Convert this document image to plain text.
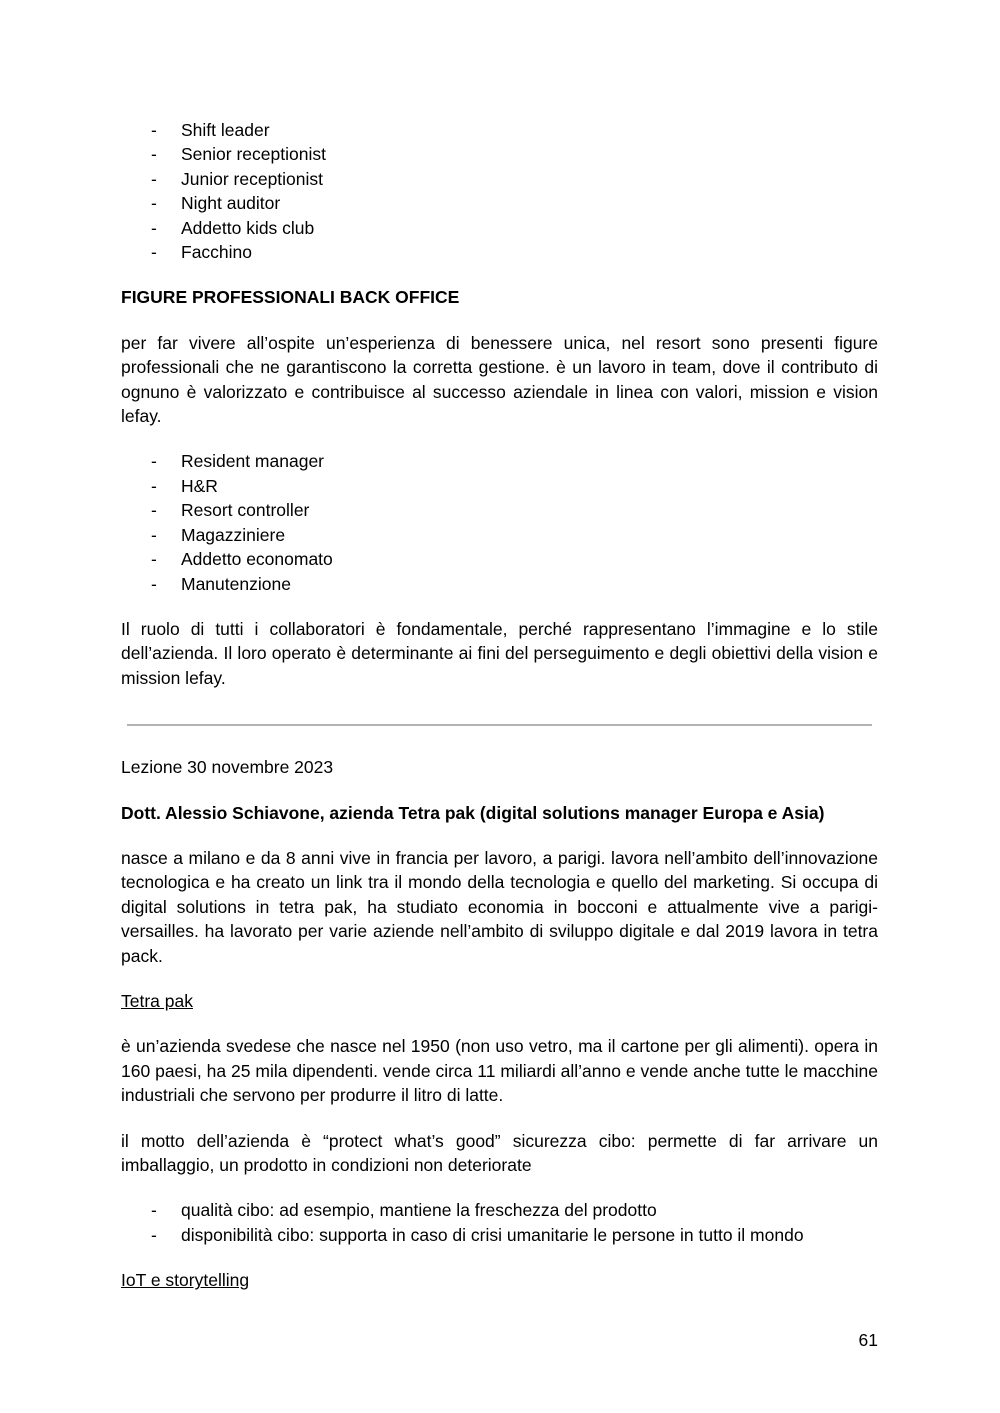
- Shift leader
- Senior receptionist
- Junior receptionist
- Night auditor
- Addetto kids club
- Facchino

FIGURE PROFESSIONALI BACK OFFICE

per far vivere all’ospite un’esperienza di benessere unica, nel resort sono presenti figure professionali che ne garantiscono la corretta gestione. è un lavoro in team, dove il contributo di ognuno è valorizzato e contribuisce al successo aziendale in linea con valori, mission e vision lefay.

- Resident manager
- H&R
- Resort controller
- Magazziniere
- Addetto economato
- Manutenzione

Il ruolo di tutti i collaboratori è fondamentale, perché rappresentano l’immagine e lo stile dell’azienda. Il loro operato è determinante ai fini del perseguimento e degli obiettivi della vision e mission lefay.

Lezione 30 novembre 2023

Dott. Alessio Schiavone, azienda Tetra pak (digital solutions manager Europa e Asia)

nasce a milano e da 8 anni vive in francia per lavoro, a parigi. lavora nell’ambito dell’innovazione tecnologica e ha creato un link tra il mondo della tecnologia e quello del marketing. Si occupa di digital solutions in tetra pak, ha studiato economia in bocconi e attualmente vive a parigi-versailles. ha lavorato per varie aziende nell’ambito di sviluppo digitale e dal 2019 lavora in tetra pack.

Tetra pak

è un’azienda svedese che nasce nel 1950 (non uso vetro, ma il cartone per gli alimenti). opera in 160 paesi, ha 25 mila dipendenti. vende circa 11 miliardi all’anno e vende anche tutte le macchine industriali che servono per produrre il litro di latte.

il motto dell’azienda è “protect what’s good” sicurezza cibo: permette di far arrivare un imballaggio, un prodotto in condizioni non deteriorate

- qualità cibo: ad esempio, mantiene la freschezza del prodotto
- disponibilità cibo: supporta in caso di crisi umanitarie le persone in tutto il mondo

IoT e storytelling

61
